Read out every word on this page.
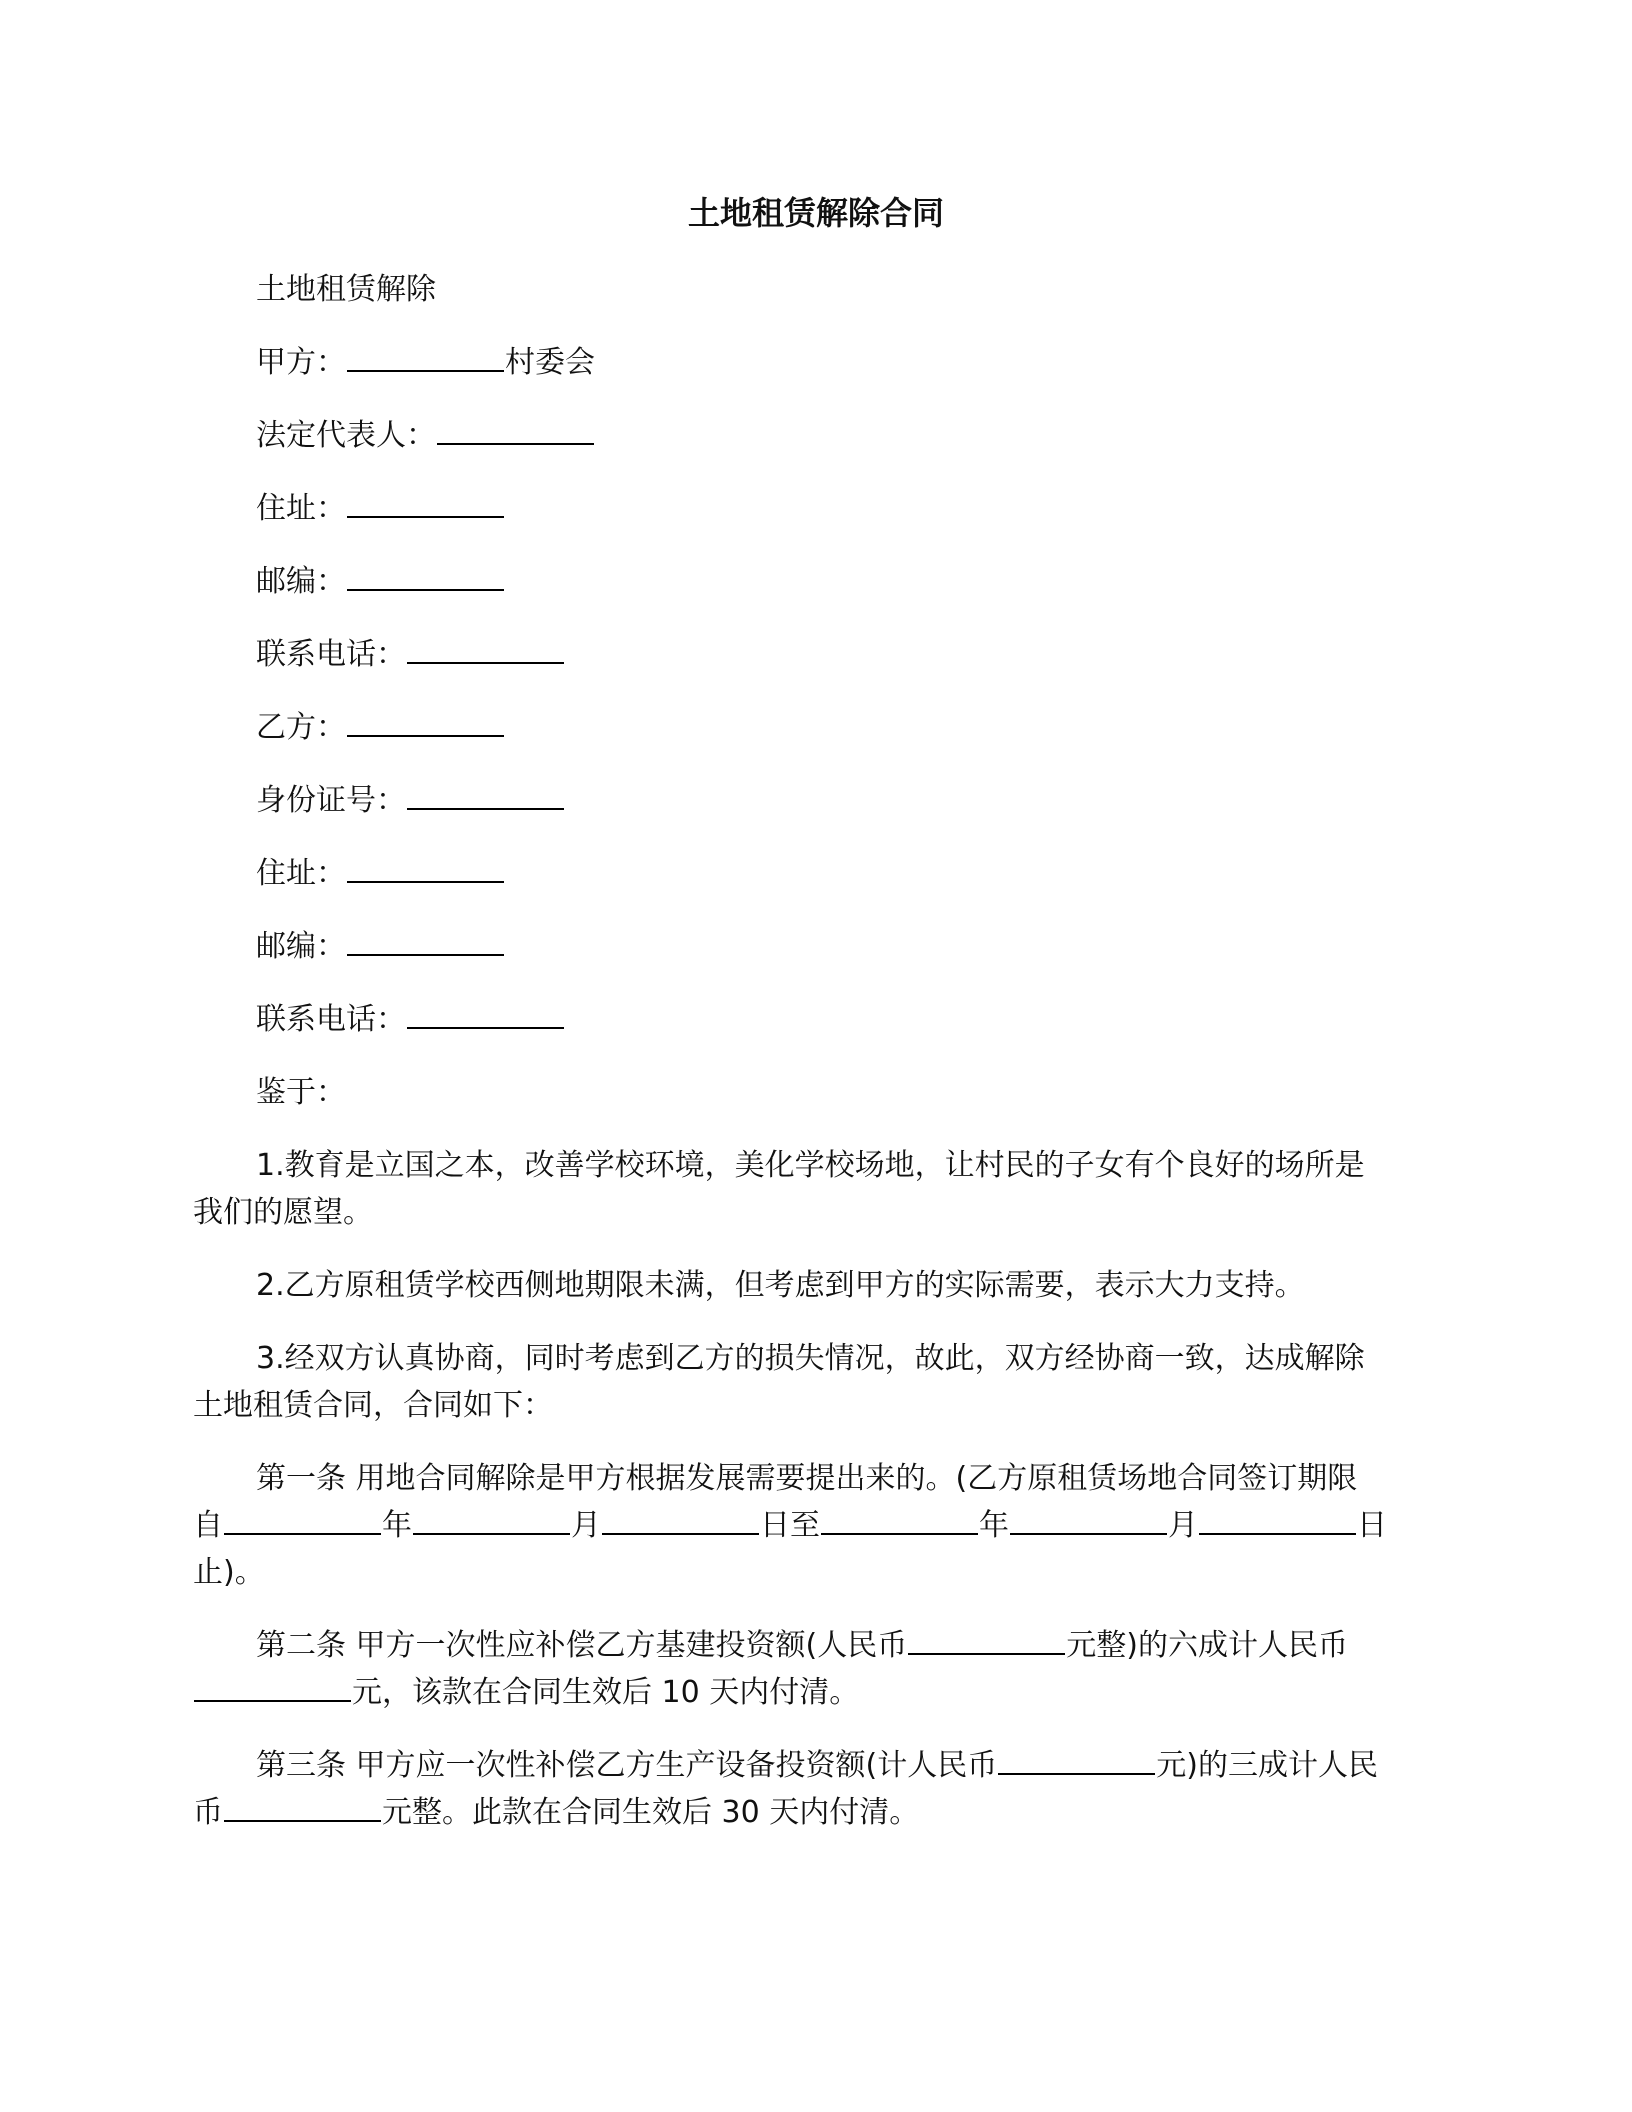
土地租赁解除合同
土地租赁解除
甲方：	村委会
法定代表人：
住址：
邮编：
联系电话：
乙方：
身份证号：
住址：
邮编：
联系电话：
鉴于：
1.教育是立国之本，改善学校环境，美化学校场地，让村民的子女有个良好的场所是
我们的愿望。
2.乙方原租赁学校西侧地期限未满，但考虑到甲方的实际需要，表示大力支持。
3.经双方认真协商，同时考虑到乙方的损失情况，故此，双方经协商一致，达成解除
土地租赁合同，合同如下：
第一条 用地合同解除是甲方根据发展需要提出来的。(乙方原租赁场地合同签订期限
自	年	月	日至	年	月	日
止)。
第二条 甲方一次性应补偿乙方基建投资额(人民币	元整)的六成计人民币
元，该款在合同生效后 10 天内付清。
第三条 甲方应一次性补偿乙方生产设备投资额(计人民币	元)的三成计人民
币	元整。此款在合同生效后 30 天内付清。
